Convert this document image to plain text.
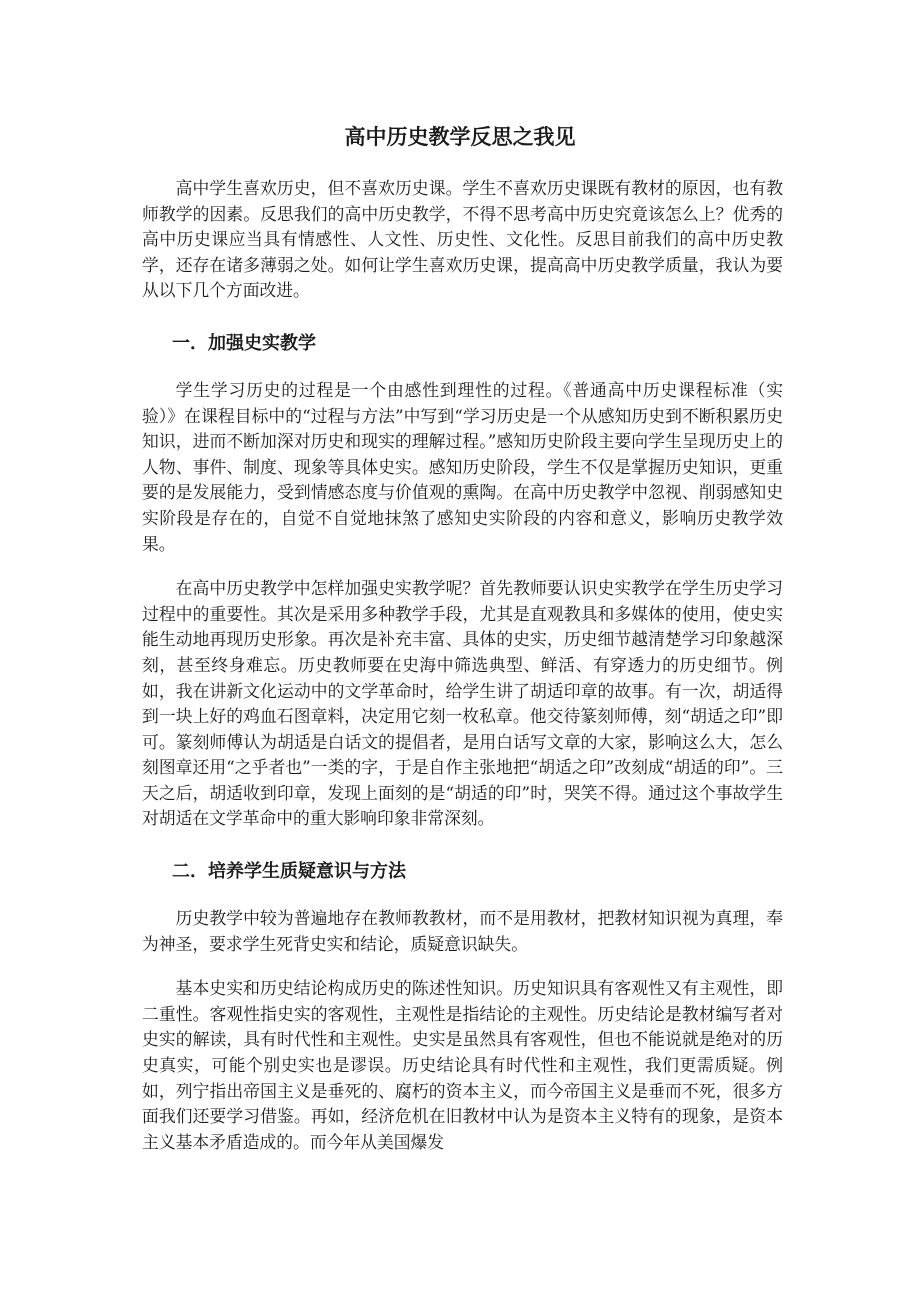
高中历史教学反思之我见

高中学生喜欢历史，但不喜欢历史课。学生不喜欢历史课既有教材的原因，也有教师教学的因素。反思我们的高中历史教学，不得不思考高中历史究竟该怎么上？优秀的高中历史课应当具有情感性、人文性、历史性、文化性。反思目前我们的高中历史教学，还存在诸多薄弱之处。如何让学生喜欢历史课，提高高中历史教学质量，我认为要从以下几个方面改进。

一．加强史实教学

学生学习历史的过程是一个由感性到理性的过程。《普通高中历史课程标准（实验）》在课程目标中的“过程与方法”中写到“学习历史是一个从感知历史到不断积累历史知识，进而不断加深对历史和现实的理解过程。”感知历史阶段主要向学生呈现历史上的人物、事件、制度、现象等具体史实。感知历史阶段，学生不仅是掌握历史知识，更重要的是发展能力，受到情感态度与价值观的熏陶。在高中历史教学中忽视、削弱感知史实阶段是存在的，自觉不自觉地抹煞了感知史实阶段的内容和意义，影响历史教学效果。

在高中历史教学中怎样加强史实教学呢？首先教师要认识史实教学在学生历史学习过程中的重要性。其次是采用多种教学手段，尤其是直观教具和多媒体的使用，使史实能生动地再现历史形象。再次是补充丰富、具体的史实，历史细节越清楚学习印象越深刻，甚至终身难忘。历史教师要在史海中筛选典型、鲜活、有穿透力的历史细节。例如，我在讲新文化运动中的文学革命时，给学生讲了胡适印章的故事。有一次，胡适得到一块上好的鸡血石图章料，决定用它刻一枚私章。他交待篆刻师傅，刻“胡适之印”即可。篆刻师傅认为胡适是白话文的提倡者，是用白话写文章的大家，影响这么大，怎么刻图章还用“之乎者也”一类的字，于是自作主张地把“胡适之印”改刻成“胡适的印”。三天之后，胡适收到印章，发现上面刻的是“胡适的印”时，哭笑不得。通过这个事故学生对胡适在文学革命中的重大影响印象非常深刻。

二．培养学生质疑意识与方法

历史教学中较为普遍地存在教师教教材，而不是用教材，把教材知识视为真理，奉为神圣，要求学生死背史实和结论，质疑意识缺失。

基本史实和历史结论构成历史的陈述性知识。历史知识具有客观性又有主观性，即二重性。客观性指史实的客观性，主观性是指结论的主观性。历史结论是教材编写者对史实的解读，具有时代性和主观性。史实是虽然具有客观性，但也不能说就是绝对的历史真实，可能个别史实也是谬误。历史结论具有时代性和主观性，我们更需质疑。例如，列宁指出帝国主义是垂死的、腐朽的资本主义，而今帝国主义是垂而不死，很多方面我们还要学习借鉴。再如，经济危机在旧教材中认为是资本主义特有的现象，是资本主义基本矛盾造成的。而今年从美国爆发
